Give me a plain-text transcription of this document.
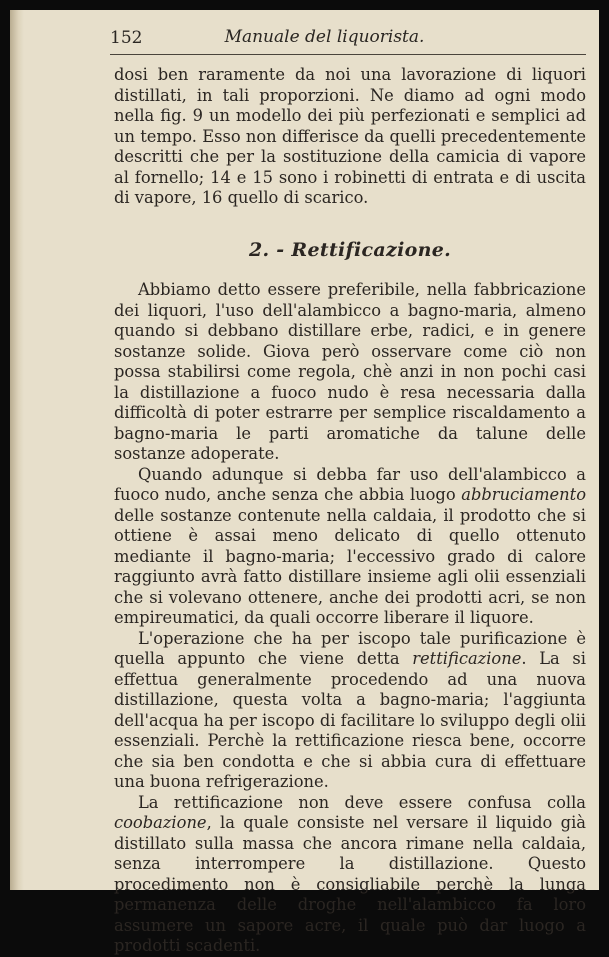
152	Manuale del liquorista.

dosi ben raramente da noi una lavorazione di liquori distillati, in tali proporzioni. Ne diamo ad ogni modo nella fig. 9 un modello dei più perfezionati e semplici ad un tempo. Esso non differisce da quelli precedentemente descritti che per la sostituzione della camicia di vapore al fornello; 14 e 15 sono i robinetti di entrata e di uscita di vapore, 16 quello di scarico.

2. - Rettificazione.

Abbiamo detto essere preferibile, nella fabbricazione dei liquori, l'uso dell'alambicco a bagno-maria, almeno quando si debbano distillare erbe, radici, e in genere sostanze solide. Giova però osservare come ciò non possa stabilirsi come regola, chè anzi in non pochi casi la distillazione a fuoco nudo è resa necessaria dalla difficoltà di poter estrarre per semplice riscaldamento a bagno-maria le parti aromatiche da talune delle sostanze adoperate.

Quando adunque si debba far uso dell'alambicco a fuoco nudo, anche senza che abbia luogo abbruciamento delle sostanze contenute nella caldaia, il prodotto che si ottiene è assai meno delicato di quello ottenuto mediante il bagno-maria; l'eccessivo grado di calore raggiunto avrà fatto distillare insieme agli olii essenziali che si volevano ottenere, anche dei prodotti acri, se non empireumatici, da quali occorre liberare il liquore.

L'operazione che ha per iscopo tale purificazione è quella appunto che viene detta rettificazione. La si effettua generalmente procedendo ad una nuova distillazione, questa volta a bagno-maria; l'aggiunta dell'acqua ha per iscopo di facilitare lo sviluppo degli olii essenziali. Perchè la rettificazione riesca bene, occorre che sia ben condotta e che si abbia cura di effettuare una buona refrigerazione.

La rettificazione non deve essere confusa colla coobazione, la quale consiste nel versare il liquido già distillato sulla massa che ancora rimane nella caldaia, senza interrompere la distillazione. Questo procedimento non è consigliabile perchè la lunga permanenza delle droghe nell'alambicco fa loro assumere un sapore acre, il quale può dar luogo a prodotti scadenti.
